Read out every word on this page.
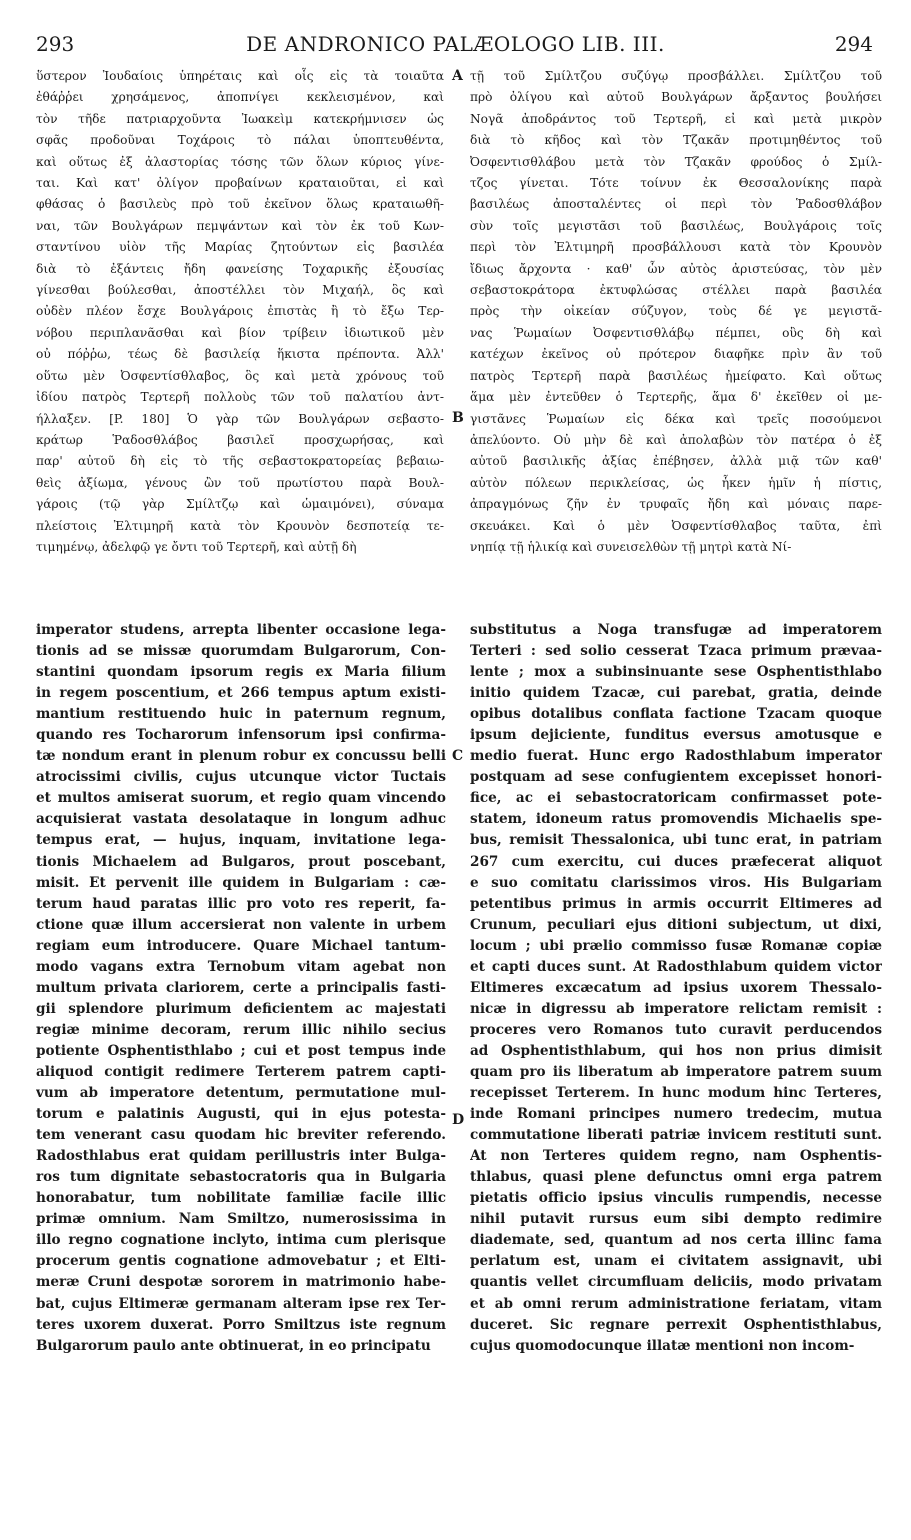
293	DE ANDRONICO PALÆOLOGO LIB. III.	294
ὕστερον Ἰουδαίοις ὑπηρέταις καὶ οἷς εἰς τὰ τοιαῦτα
ἐθάῤῥει χρησάμενος, ἀποπνίγει κεκλεισμένον, καὶ
τὸν τῆδε πατριαρχοῦντα Ἰωακεὶμ κατεκρήμνισεν ὡς
σφᾶς προδοῦναι Τοχάροις τὸ πάλαι ὑποπτευθέντα,
καὶ οὕτως ἐξ ἀλαστορίας τόσης τῶν ὅλων κύριος γίνε-
ται. Καὶ κατ' ὀλίγον προβαίνων κραταιοῦται, εἰ καὶ
φθάσας ὁ βασιλεὺς πρὸ τοῦ ἐκεῖνον ὅλως κραταιωθῆ-
ναι, τῶν Βουλγάρων πεμψάντων καὶ τὸν ἐκ τοῦ Κων-
σταντίνου υἱὸν τῆς Μαρίας ζητούντων εἰς βασιλέα
διὰ τὸ ἐξάντεις ἤδη φανείσης Τοχαρικῆς ἐξουσίας
γίνεσθαι βούλεσθαι, ἀποστέλλει τὸν Μιχαήλ, ὃς καὶ
οὐδὲν πλέον ἔσχε Βουλγάροις ἐπιστὰς ἢ τὸ ἔξω Τερ-
νόβου περιπλανᾶσθαι καὶ βίον τρίβειν ἰδιωτικοῦ μὲν
οὐ πόῤῥω, τέως δὲ βασιλείᾳ ἥκιστα πρέποντα. Ἀλλ'
οὕτω μὲν Ὀσφεντίσθλαβος, ὃς καὶ μετὰ χρόνους τοῦ
ἰδίου πατρὸς Τερτερῆ πολλοὺς τῶν τοῦ παλατίου ἀντ-
ήλλαξεν. [P. 180] Ὁ γὰρ τῶν Βουλγάρων σεβαστο-
κράτωρ Ῥαδοσθλάβος βασιλεῖ προσχωρήσας, καὶ
παρ' αὐτοῦ δὴ εἰς τὸ τῆς σεβαστοκρατορείας βεβαιω-
θεὶς ἀξίωμα, γένους ὢν τοῦ πρωτίστου παρὰ Βουλ-
γάροις (τῷ γὰρ Σμίλτζῳ καὶ ὡμαιμόνει), σύναμα
πλείστοις Ἐλτιμηρῆ κατὰ τὸν Κρουνὸν δεσποτείᾳ τε-
τιμημένῳ, ἀδελφῷ γε ὄντι τοῦ Τερτερῆ, καὶ αὐτῇ δὴ
τῇ τοῦ Σμίλτζου συζύγῳ προσβάλλει. Σμίλτζου τοῦ
πρὸ ὀλίγου καὶ αὐτοῦ Βουλγάρων ἄρξαντος βουλήσει
Νογᾶ ἀποδράντος τοῦ Τερτερῆ, εἰ καὶ μετὰ μικρὸν
διὰ τὸ κῆδος καὶ τὸν Τζακᾶν προτιμηθέντος τοῦ
Ὀσφεντισθλάβου μετὰ τὸν Τζακᾶν φρούδος ὁ Σμίλ-
τζος γίνεται. Τότε τοίνυν ἐκ Θεσσαλονίκης παρὰ
βασιλέως ἀποσταλέντες οἱ περὶ τὸν Ῥαδοσθλάβον
σὺν τοῖς μεγιστᾶσι τοῦ βασιλέως, Βουλγάροις τοῖς
περὶ τὸν Ἐλτιμηρῆ προσβάλλουσι κατὰ τὸν Κρουνὸν
ἴδιως ἄρχοντα · καθ' ὧν αὐτὸς ἀριστεύσας, τὸν μὲν
σεβαστοκράτορα ἐκτυφλώσας στέλλει παρὰ βασιλέα
πρὸς τὴν οἰκείαν σύζυγον, τοὺς δέ γε μεγιστᾶ-
νας Ῥωμαίων Ὀσφεντισθλάβῳ πέμπει, οὓς δὴ καὶ
κατέχων ἐκεῖνος οὐ πρότερον διαφῆκε πρὶν ἂν τοῦ
πατρὸς Τερτερῆ παρὰ βασιλέως ἠμείφατο. Καὶ οὕτως
ἅμα μὲν ἐντεῦθεν ὁ Τερτερῆς, ἅμα δ' ἐκεῖθεν οἱ με-
γιστᾶνες Ῥωμαίων εἰς δέκα καὶ τρεῖς ποσούμενοι
ἀπελύοντο. Οὐ μὴν δὲ καὶ ἀπολαβὼν τὸν πατέρα ὁ ἐξ
αὐτοῦ βασιλικῆς ἀξίας ἐπέβησεν, ἀλλὰ μιᾷ τῶν καθ'
αὐτὸν πόλεων περικλείσας, ὡς ἧκεν ἡμῖν ἡ πίστις,
ἀπραγμόνως ζῆν ἐν τρυφαῖς ἤδη καὶ μόναις παρε-
σκευάκει. Καὶ ὁ μὲν Ὀσφεντίσθλαβος ταῦτα, ἐπὶ
νηπίᾳ τῇ ἡλικίᾳ καὶ συνεισελθὼν τῇ μητρὶ κατὰ Νί-
imperator studens, arrepta libenter occasione lega-
tionis ad se missæ quorumdam Bulgarorum, Con-
stantini quondam ipsorum regis ex Maria filium
in regem poscentium, et 266 tempus aptum existi-
mantium restituendo huic in paternum regnum,
quando res Tocharorum infensorum ipsi confirma-
tæ nondum erant in plenum robur ex concussu belli
atrocissimi civilis, cujus utcunque victor Tuctais
et multos amiserat suorum, et regio quam vincendo
acquisierat vastata desolataque in longum adhuc
tempus erat, — hujus, inquam, invitatione lega-
tionis Michaelem ad Bulgaros, prout poscebant,
misit. Et pervenit ille quidem in Bulgariam : cæ-
terum haud paratas illic pro voto res reperit, fa-
ctione quæ illum accersierat non valente in urbem
regiam eum introducere. Quare Michael tantum-
modo vagans extra Ternobum vitam agebat non
multum privata clariorem, certe a principalis fasti-
gii splendore plurimum deficientem ac majestati
regiæ minime decoram, rerum illic nihilo secius
potiente Osphentisthlabo ; cui et post tempus inde
aliquod contigit redimere Terterem patrem capti-
vum ab imperatore detentum, permutatione mul-
torum e palatinis Augusti, qui in ejus potesta-
tem venerant casu quodam hic breviter referendo.
Radosthlabus erat quidam perillustris inter Bulga-
ros tum dignitate sebastocratoris qua in Bulgaria
honorabatur, tum nobilitate familiæ facile illic
primæ omnium. Nam Smiltzo, numerosissima in
illo regno cognatione inclyto, intima cum plerisque
procerum gentis cognatione admovebatur ; et Elti-
meræ Cruni despotæ sororem in matrimonio habe-
bat, cujus Eltimeræ germanam alteram ipse rex Ter-
teres uxorem duxerat. Porro Smiltzus iste regnum
Bulgarorum paulo ante obtinuerat, in eo principatu
substitutus a Noga transfugæ ad imperatorem
Terteri : sed solio cesserat Tzaca primum prævaa-
lente ; mox a subinsinuante sese Osphentisthlabo
initio quidem Tzacæ, cui parebat, gratia, deinde
opibus dotalibus conflata factione Tzacam quoque
ipsum dejiciente, funditus eversus amotusque e
medio fuerat. Hunc ergo Radosthlabum imperator
postquam ad sese confugientem excepisset honori-
fice, ac ei sebastocratoricam confirmasset pote-
statem, idoneum ratus promovendis Michaelis spe-
bus, remisit Thessalonica, ubi tunc erat, in patriam
267 cum exercitu, cui duces præfecerat aliquot
e suo comitatu clarissimos viros. His Bulgariam
petentibus primus in armis occurrit Eltimeres ad
Crunum, peculiari ejus ditioni subjectum, ut dixi,
locum ; ubi prælio commisso fusæ Romanæ copiæ
et capti duces sunt. At Radosthlabum quidem victor
Eltimeres excæcatum ad ipsius uxorem Thessalo-
nicæ in digressu ab imperatore relictam remisit :
proceres vero Romanos tuto curavit perducendos
ad Osphentisthlabum, qui hos non prius dimisit
quam pro iis liberatum ab imperatore patrem suum
recepisset Terterem. In hunc modum hinc Terteres,
inde Romani principes numero tredecim, mutua
commutatione liberati patriæ invicem restituti sunt.
At non Terteres quidem regno, nam Osphentis-
thlabus, quasi plene defunctus omni erga patrem
pietatis officio ipsius vinculis rumpendis, necesse
nihil putavit rursus eum sibi dempto redimire
diademate, sed, quantum ad nos certa illinc fama
perlatum est, unam ei civitatem assignavit, ubi
quantis vellet circumfluam deliciis, modo privatam
et ab omni rerum administratione feriatam, vitam
duceret. Sic regnare perrexit Osphentisthlabus,
cujus quomodocunque illatæ mentioni non incom-
A
B
C
D
